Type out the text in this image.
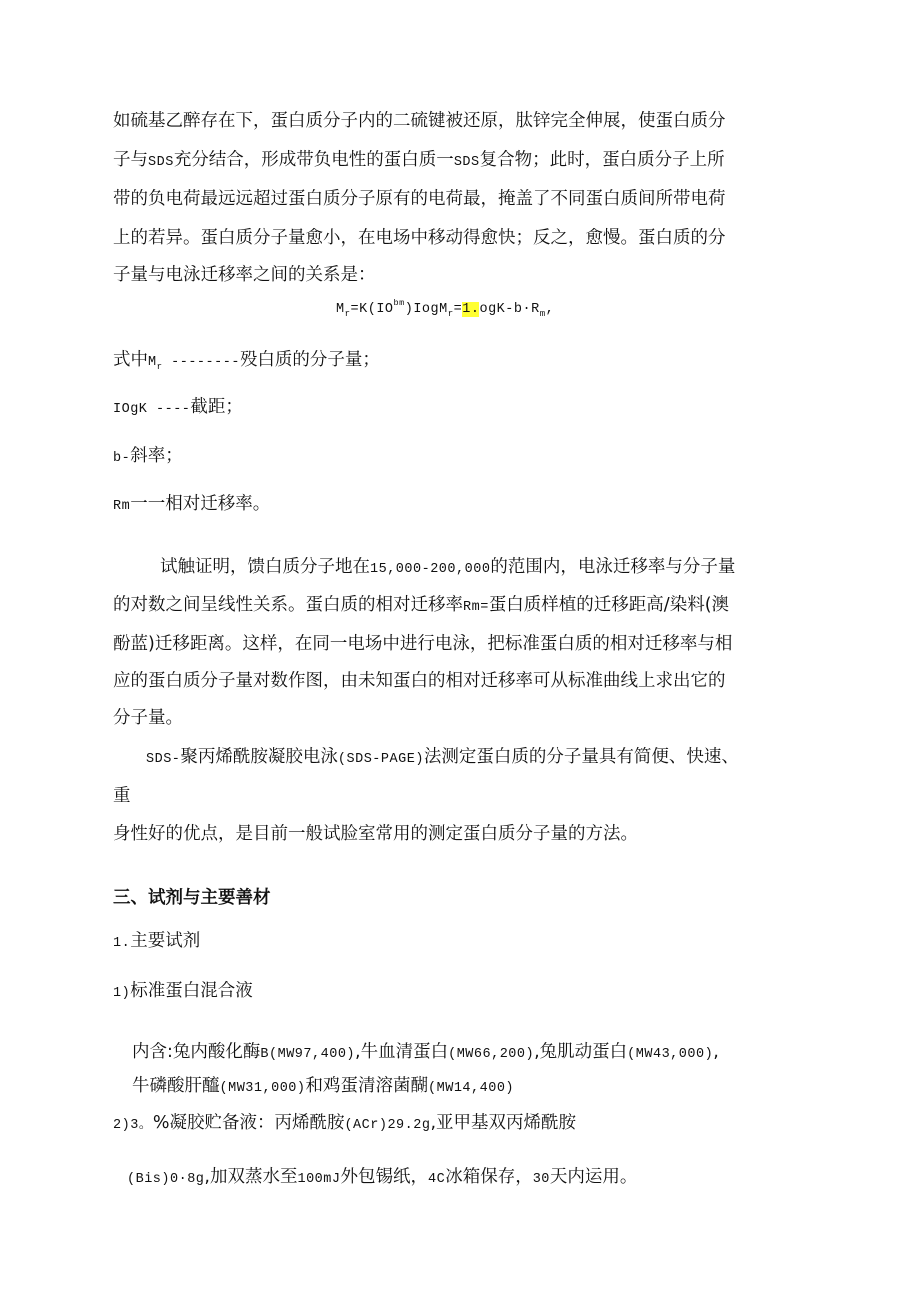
如硫基乙醉存在下，蛋白质分子内的二硫键被还原，肽锌完全伸展，使蛋白质分
子与SDS充分结合，形成带负电性的蛋白质一SDS复合物；此时，蛋白质分子上所
带的负电荷最远远超过蛋白质分子原有的电荷最，掩盖了不同蛋白质间所带电荷
上的若异。蛋白质分子量愈小，在电场中移动得愈快；反之，愈慢。蛋白质的分
子量与电泳迁移率之间的关系是：
$M_r=K(IO^{bm})IogM_r=1.ogK-b\cdot R_m$,
式中$M_r$ --------殁白质的分子量；
IOgK ----截距；
b-斜率；
Rm一一相对迁移率。
试触证明，馈白质分子地在15,000-200,000的范围内，电泳迁移率与分子量
的对数之间呈线性关系。蛋白质的相对迁移率Rm=蛋白质样植的迁移距高/染料(澳
酚蓝)迁移距离。这样，在同一电场中进行电泳，把标准蛋白质的相对迁移率与相
应的蛋白质分子量对数作图，由未知蛋白的相对迁移率可从标准曲线上求出它的
分子量。
SDS-聚丙烯酰胺凝胶电泳(SDS-PAGE)法测定蛋白质的分子量具有简便、快速、
重
身性好的优点，是目前一般试脸室常用的测定蛋白质分子量的方法。
三、试剂与主要善材
1.主要试剂
1)标准蛋白混合液
内含:兔内酸化酶B(MW97,400),牛血清蛋白(MW66,200),兔肌动蛋白(MW43,000),
牛磷酸肝醯(MW31,000)和鸡蛋清溶菌醐(MW14,400)
2)3。%凝胶贮备液：丙烯酰胺(ACr)29.2g,亚甲基双丙烯酰胺
(Bis)0·8g,加双蒸水至100mJ外包锡纸，4C冰箱保存，30天内运用。
